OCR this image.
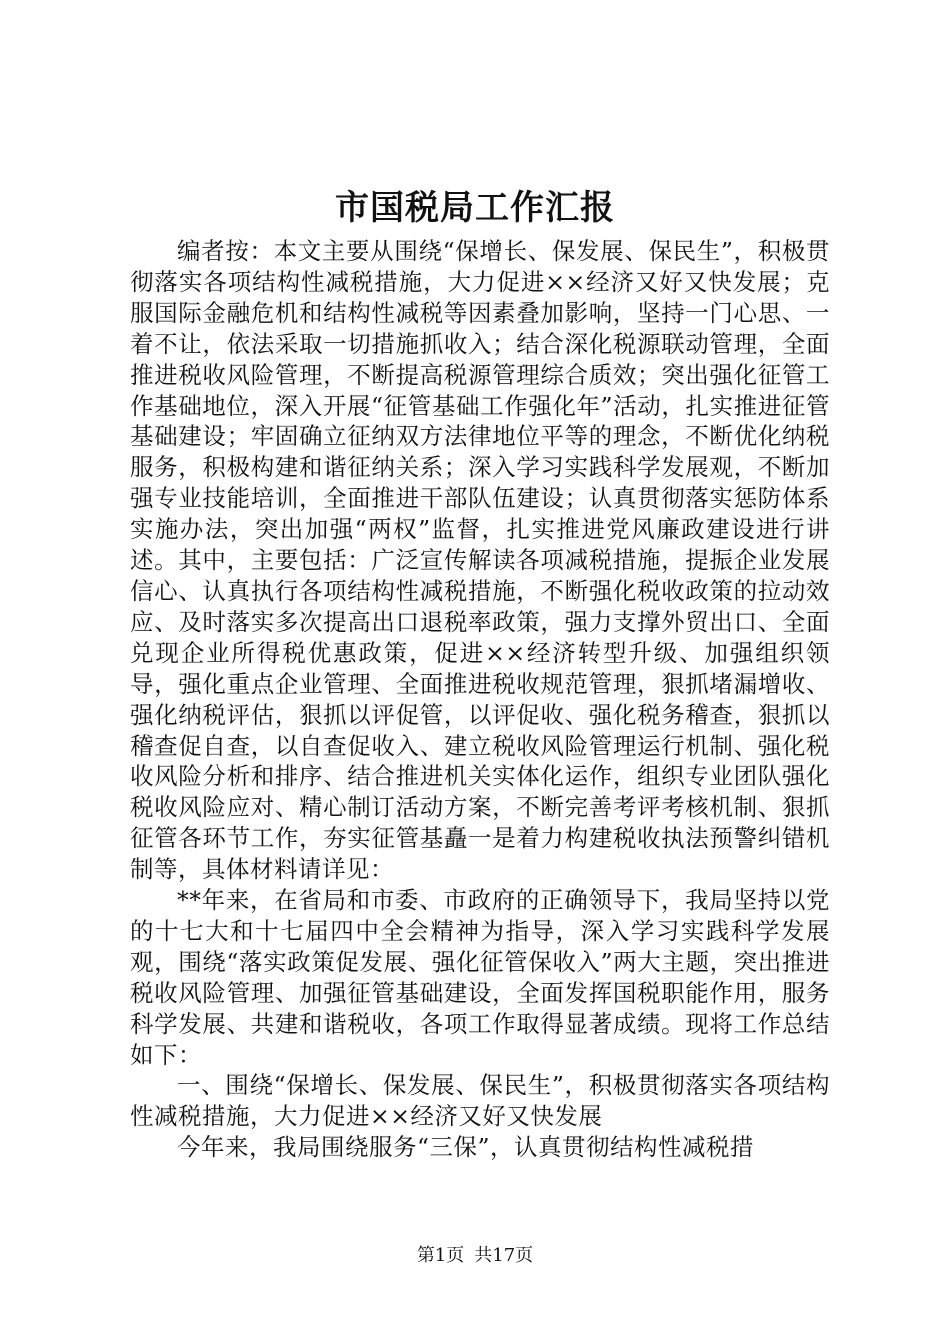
市国税局工作汇报

编者按：本文主要从围绕“保增长、保发展、保民生”，积极贯彻落实各项结构性减税措施，大力促进××经济又好又快发展；克服国际金融危机和结构性减税等因素叠加影响，坚持一门心思、一着不让，依法采取一切措施抓收入；结合深化税源联动管理，全面推进税收风险管理，不断提高税源管理综合质效；突出强化征管工作基础地位，深入开展“征管基础工作强化年”活动，扎实推进征管基础建设；牢固确立征纳双方法律地位平等的理念，不断优化纳税服务，积极构建和谐征纳关系；深入学习实践科学发展观，不断加强专业技能培训，全面推进干部队伍建设；认真贯彻落实惩防体系实施办法，突出加强“两权”监督，扎实推进党风廉政建设进行讲述。其中，主要包括：广泛宣传解读各项减税措施，提振企业发展信心、认真执行各项结构性减税措施，不断强化税收政策的拉动效应、及时落实多次提高出口退税率政策，强力支撑外贸出口、全面兑现企业所得税优惠政策，促进××经济转型升级、加强组织领导，强化重点企业管理、全面推进税收规范管理，狠抓堵漏增收、强化纳税评估，狠抓以评促管，以评促收、强化税务稽查，狠抓以稽查促自查，以自查促收入、建立税收风险管理运行机制、强化税收风险分析和排序、结合推进机关实体化运作，组织专业团队强化税收风险应对、精心制订活动方案，不断完善考评考核机制、狠抓征管各环节工作，夯实征管基矗一是着力构建税收执法预警纠错机制等，具体材料请详见：

**年来，在省局和市委、市政府的正确领导下，我局坚持以党的十七大和十七届四中全会精神为指导，深入学习实践科学发展观，围绕“落实政策促发展、强化征管保收入”两大主题，突出推进税收风险管理、加强征管基础建设，全面发挥国税职能作用，服务科学发展、共建和谐税收，各项工作取得显著成绩。现将工作总结如下：

一、围绕“保增长、保发展、保民生”，积极贯彻落实各项结构性减税措施，大力促进××经济又好又快发展

今年来，我局围绕服务“三保”，认真贯彻结构性减税措

第1页 共17页
